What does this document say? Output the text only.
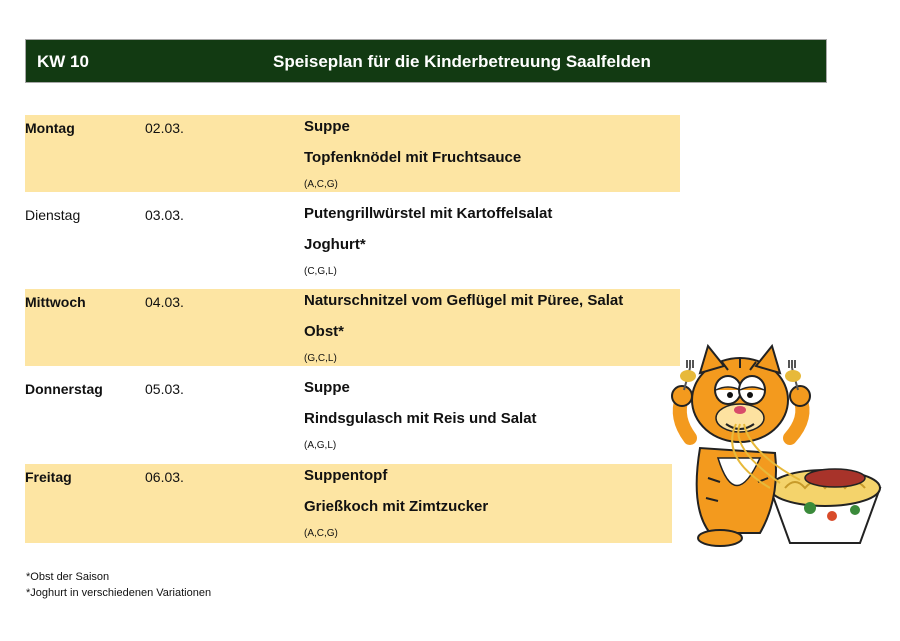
KW 10	Speiseplan für die Kinderbetreuung Saalfelden
Montag	02.03.	Suppe
Topfenknödel mit Fruchtsauce
(A,C,G)
Dienstag	03.03.	Putengrillwürstel mit Kartoffelsalat
Joghurt*
(C,G,L)
Mittwoch	04.03.	Naturschnitzel vom Geflügel mit Püree, Salat
Obst*
(G,C,L)
Donnerstag	05.03.	Suppe
Rindsgulasch mit Reis und Salat
(A,G,L)
Freitag	06.03.	Suppentopf
Grießkoch mit Zimtzucker
(A,C,G)
*Obst der Saison
*Joghurt in verschiedenen Variationen
